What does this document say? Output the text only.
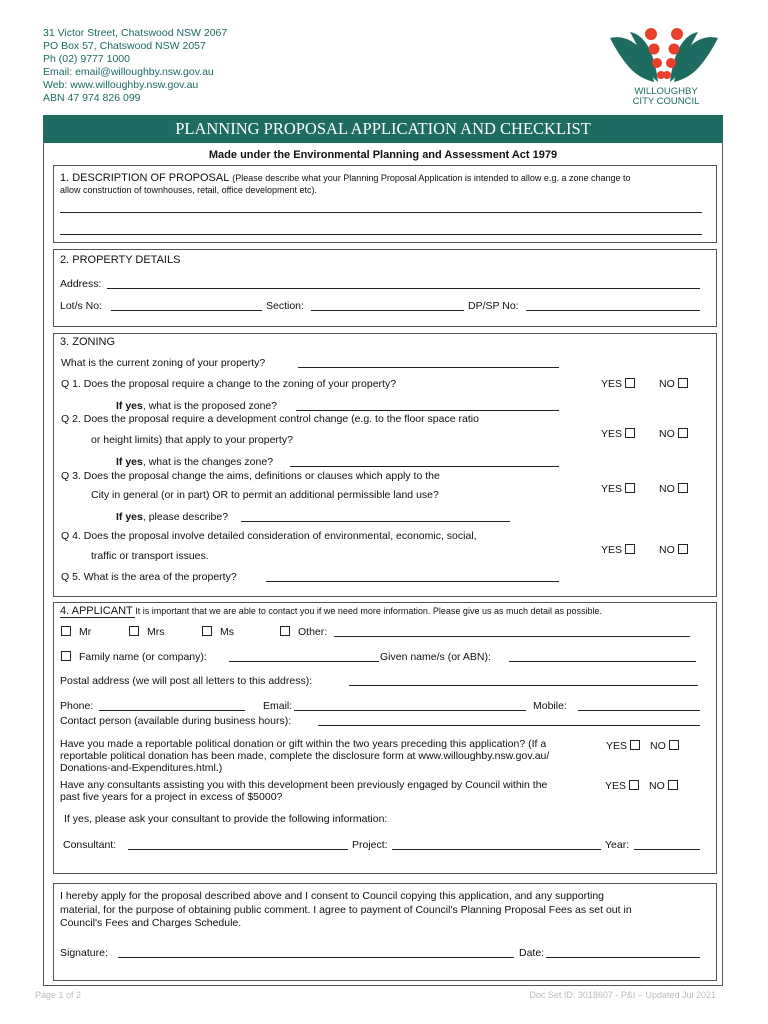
31 Victor Street, Chatswood NSW 2067
PO Box 57, Chatswood NSW 2057
Ph (02) 9777 1000
Email: email@willoughby.nsw.gov.au
Web: www.willoughby.nsw.gov.au
ABN 47 974 826 099
WILLOUGHBY
CITY COUNCIL
PLANNING PROPOSAL APPLICATION AND CHECKLIST
Made under the Environmental Planning and Assessment Act 1979
1. DESCRIPTION OF PROPOSAL (Please describe what your Planning Proposal Application is intended to allow e.g. a zone change to
allow construction of townhouses, retail, office development etc).
2. PROPERTY DETAILS
Address:
Lot/s No:	Section:	DP/SP No:
3. ZONING
What is the current zoning of your property?
Q 1. Does the proposal require a change to the zoning of your property?	YES	NO
If yes, what is the proposed zone?
Q 2. Does the proposal require a development control change (e.g. to the floor space ratio
or height limits) that apply to your property?	YES	NO
If yes, what is the changes zone?
Q 3. Does the proposal change the aims, definitions or clauses which apply to the
City in general (or in part) OR to permit an additional permissible land use?	YES	NO
If yes, please describe?
Q 4. Does the proposal involve detailed consideration of environmental, economic, social,
traffic or transport issues.	YES	NO
Q 5. What is the area of the property?
4. APPLICANT It is important that we are able to contact you if we need more information. Please give us as much detail as possible.
Mr	Mrs	Ms	Other:
Family name (or company):	Given name/s (or ABN):
Postal address (we will post all letters to this address):
Phone:	Email:	Mobile:
Contact person (available during business hours):
Have you made a reportable political donation or gift within the two years preceding this application? (If a
reportable political donation has been made, complete the disclosure form at www.willoughby.nsw.gov.au/
Donations-and-Expenditures.html.)
YES	NO
Have any consultants assisting you with this development been previously engaged by Council within the
past five years for a project in excess of $5000?
YES	NO
If yes, please ask your consultant to provide the following information:
Consultant:	Project:	Year:
I hereby apply for the proposal described above and I consent to Council copying this application, and any supporting
material, for the purpose of obtaining public comment. I agree to payment of Council's Planning Proposal Fees as set out in
Council's Fees and Charges Schedule.
Signature:	Date:
Page 1 of 2	Doc Set ID: 3018607 - P&I – Updated Jul 2021
